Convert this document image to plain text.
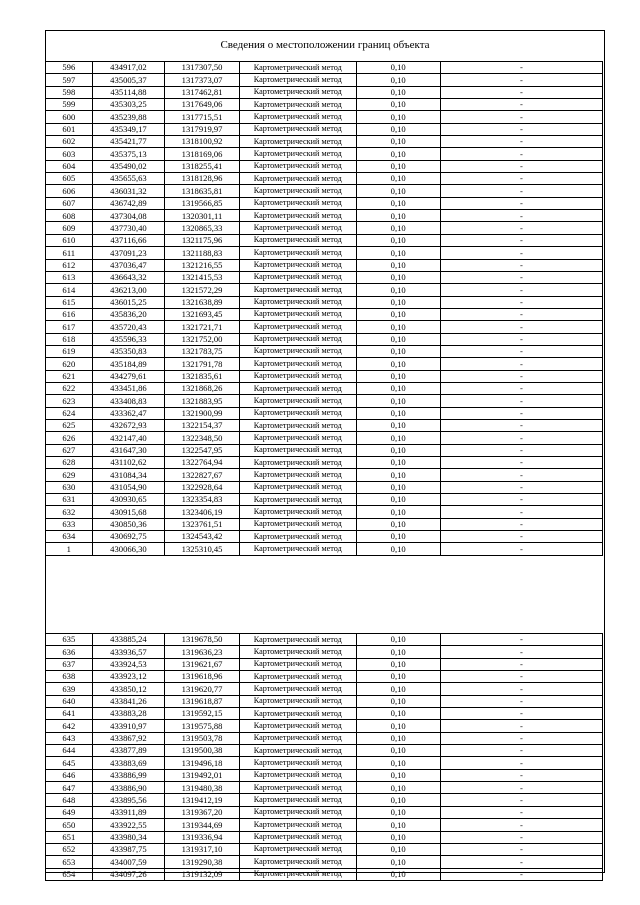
Сведения о местоположении границ объекта
596	434917,02	1317307,50	Картометрический метод	0,10	-
597	435005,37	1317373,07	Картометрический метод	0,10	-
598	435114,88	1317462,81	Картометрический метод	0,10	-
599	435303,25	1317649,06	Картометрический метод	0,10	-
600	435239,88	1317715,51	Картометрический метод	0,10	-
601	435349,17	1317919,97	Картометрический метод	0,10	-
602	435421,77	1318100,92	Картометрический метод	0,10	-
603	435375,13	1318169,06	Картометрический метод	0,10	-
604	435490,02	1318255,41	Картометрический метод	0,10	-
605	435655,63	1318128,96	Картометрический метод	0,10	-
606	436031,32	1318635,81	Картометрический метод	0,10	-
607	436742,89	1319566,85	Картометрический метод	0,10	-
608	437304,08	1320301,11	Картометрический метод	0,10	-
609	437730,40	1320865,33	Картометрический метод	0,10	-
610	437116,66	1321175,96	Картометрический метод	0,10	-
611	437091,23	1321188,83	Картометрический метод	0,10	-
612	437036,47	1321216,55	Картометрический метод	0,10	-
613	436643,32	1321415,53	Картометрический метод	0,10	-
614	436213,00	1321572,29	Картометрический метод	0,10	-
615	436015,25	1321638,89	Картометрический метод	0,10	-
616	435836,20	1321693,45	Картометрический метод	0,10	-
617	435720,43	1321721,71	Картометрический метод	0,10	-
618	435596,33	1321752,00	Картометрический метод	0,10	-
619	435350,83	1321783,75	Картометрический метод	0,10	-
620	435184,89	1321791,78	Картометрический метод	0,10	-
621	434279,61	1321835,61	Картометрический метод	0,10	-
622	433451,86	1321868,26	Картометрический метод	0,10	-
623	433408,83	1321883,95	Картометрический метод	0,10	-
624	433362,47	1321900,99	Картометрический метод	0,10	-
625	432672,93	1322154,37	Картометрический метод	0,10	-
626	432147,40	1322348,50	Картометрический метод	0,10	-
627	431647,30	1322547,95	Картометрический метод	0,10	-
628	431102,62	1322764,94	Картометрический метод	0,10	-
629	431084,34	1322827,67	Картометрический метод	0,10	-
630	431054,90	1322928,64	Картометрический метод	0,10	-
631	430930,65	1323354,83	Картометрический метод	0,10	-
632	430915,68	1323406,19	Картометрический метод	0,10	-
633	430850,36	1323761,51	Картометрический метод	0,10	-
634	430692,75	1324543,42	Картометрический метод	0,10	-
1	430066,30	1325310,45	Картометрический метод	0,10	-
635	433885,24	1319678,50	Картометрический метод	0,10	-
636	433936,57	1319636,23	Картометрический метод	0,10	-
637	433924,53	1319621,67	Картометрический метод	0,10	-
638	433923,12	1319618,96	Картометрический метод	0,10	-
639	433850,12	1319620,77	Картометрический метод	0,10	-
640	433841,26	1319618,87	Картометрический метод	0,10	-
641	433883,28	1319592,15	Картометрический метод	0,10	-
642	433910,97	1319575,88	Картометрический метод	0,10	-
643	433867,92	1319503,78	Картометрический метод	0,10	-
644	433877,89	1319500,38	Картометрический метод	0,10	-
645	433883,69	1319496,18	Картометрический метод	0,10	-
646	433886,99	1319492,01	Картометрический метод	0,10	-
647	433886,90	1319480,38	Картометрический метод	0,10	-
648	433895,56	1319412,19	Картометрический метод	0,10	-
649	433911,89	1319367,20	Картометрический метод	0,10	-
650	433922,55	1319344,69	Картометрический метод	0,10	-
651	433980,34	1319336,94	Картометрический метод	0,10	-
652	433987,75	1319317,10	Картометрический метод	0,10	-
653	434007,59	1319290,38	Картометрический метод	0,10	-
654	434097,26	1319132,09	Картометрический метод	0,10	-
